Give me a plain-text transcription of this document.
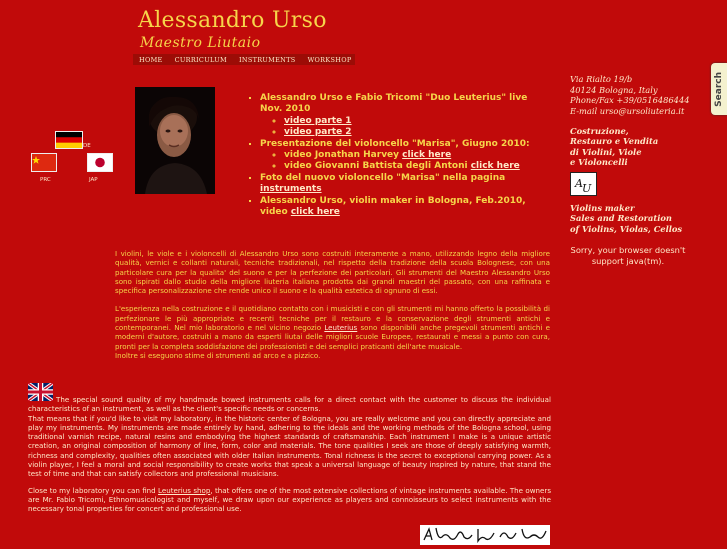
Alessandro Urso
Maestro Liutaio
HOME	CURRICULUM	INSTRUMENTS	WORKSHOP
DE
PRC	JAP
▪ Alessandro Urso e Fabio Tricomi "Duo Leuterius" live Nov. 2010
◦ video parte 1
◦ video parte 2
▪ Presentazione del violoncello "Marisa", Giugno 2010:
◦ video Jonathan Harvey click here
◦ video Giovanni Battista degli Antoni click here
▪ Foto del nuovo violoncello "Marisa" nella pagina instruments
▪ Alessandro Urso, violin maker in Bologna, Feb.2010, video click here

I violini, le viole e i violoncelli di Alessandro Urso sono costruiti interamente a mano, utilizzando legno della migliore qualità, vernici e collanti naturali, tecniche tradizionali, nel rispetto della tradizione della scuola Bolognese, con una particolare cura per la qualita' del suono e per la perfezione dei particolari. Gli strumenti del Maestro Alessandro Urso sono ispirati dallo studio della migliore liuteria italiana prodotta dai grandi maestri del passato, con una raffinata e specifica personalizzazione che rende unico il suono e la qualità estetica di ognuno di essi.

L'esperienza nella costruzione e il quotidiano contatto con i musicisti e con gli strumenti mi hanno offerto la possibilità di perfezionare le più appropriate e recenti tecniche per il restauro e la conservazione degli strumenti antichi e contemporanei. Nel mio laboratorio e nel vicino negozio Leuterius sono disponibili anche pregevoli strumenti antichi e moderni d'autore, costruiti a mano da esperti liutai delle migliori scuole Europee, restaurati e messi a punto con cura, pronti per la completa soddisfazione dei professionisti e dei semplici praticanti dell'arte musicale.

Inoltre si eseguono stime di strumenti ad arco e a pizzico.

The special sound quality of my handmade bowed instruments calls for a direct contact with the customer to discuss the individual characteristics of an instrument, as well as the client's specific needs or concerns.

That means that if you'd like to visit my laboratory, in the historic center of Bologna, you are really welcome and you can directly appreciate and play my instruments. My instruments are made entirely by hand, adhering to the ideals and the working methods of the Bologna school, using traditional varnish recipe, natural resins and embodying the highest standards of craftsmanship. Each instrument I make is a unique artistic creation, an original composition of harmony of line, form, color and materials. The tone qualities I seek are those of deeply satisfying warmth, richness and complexity, qualities often associated with older Italian instruments. Tonal richness is the secret to exceptional carrying power. As a violin player, I feel a moral and social responsibility to create works that speak a universal language of beauty inspired by nature, that stand the test of time and that can satisfy collectors and professional musicians.

Close to my laboratory you can find Leuterius shop, that offers one of the most extensive collections of vintage instruments available. The owners are Mr. Fabio Tricomi, Ethnomusicologist and myself, we draw upon our experience as players and connoisseurs to select instruments with the necessary tonal properties for concert and professional use.

Via Rialto 19/b
40124 Bologna, Italy
Phone/Fax +39/0516486444
E-mail urso@ursoliuteria.it
Costruzione,
Restauro e Vendita
di Violini, Viole
e Violoncelli
A U
Violins maker
Sales and Restoration
of Violins, Violas, Cellos
Sorry, your browser doesn't support java(tm).
Search
